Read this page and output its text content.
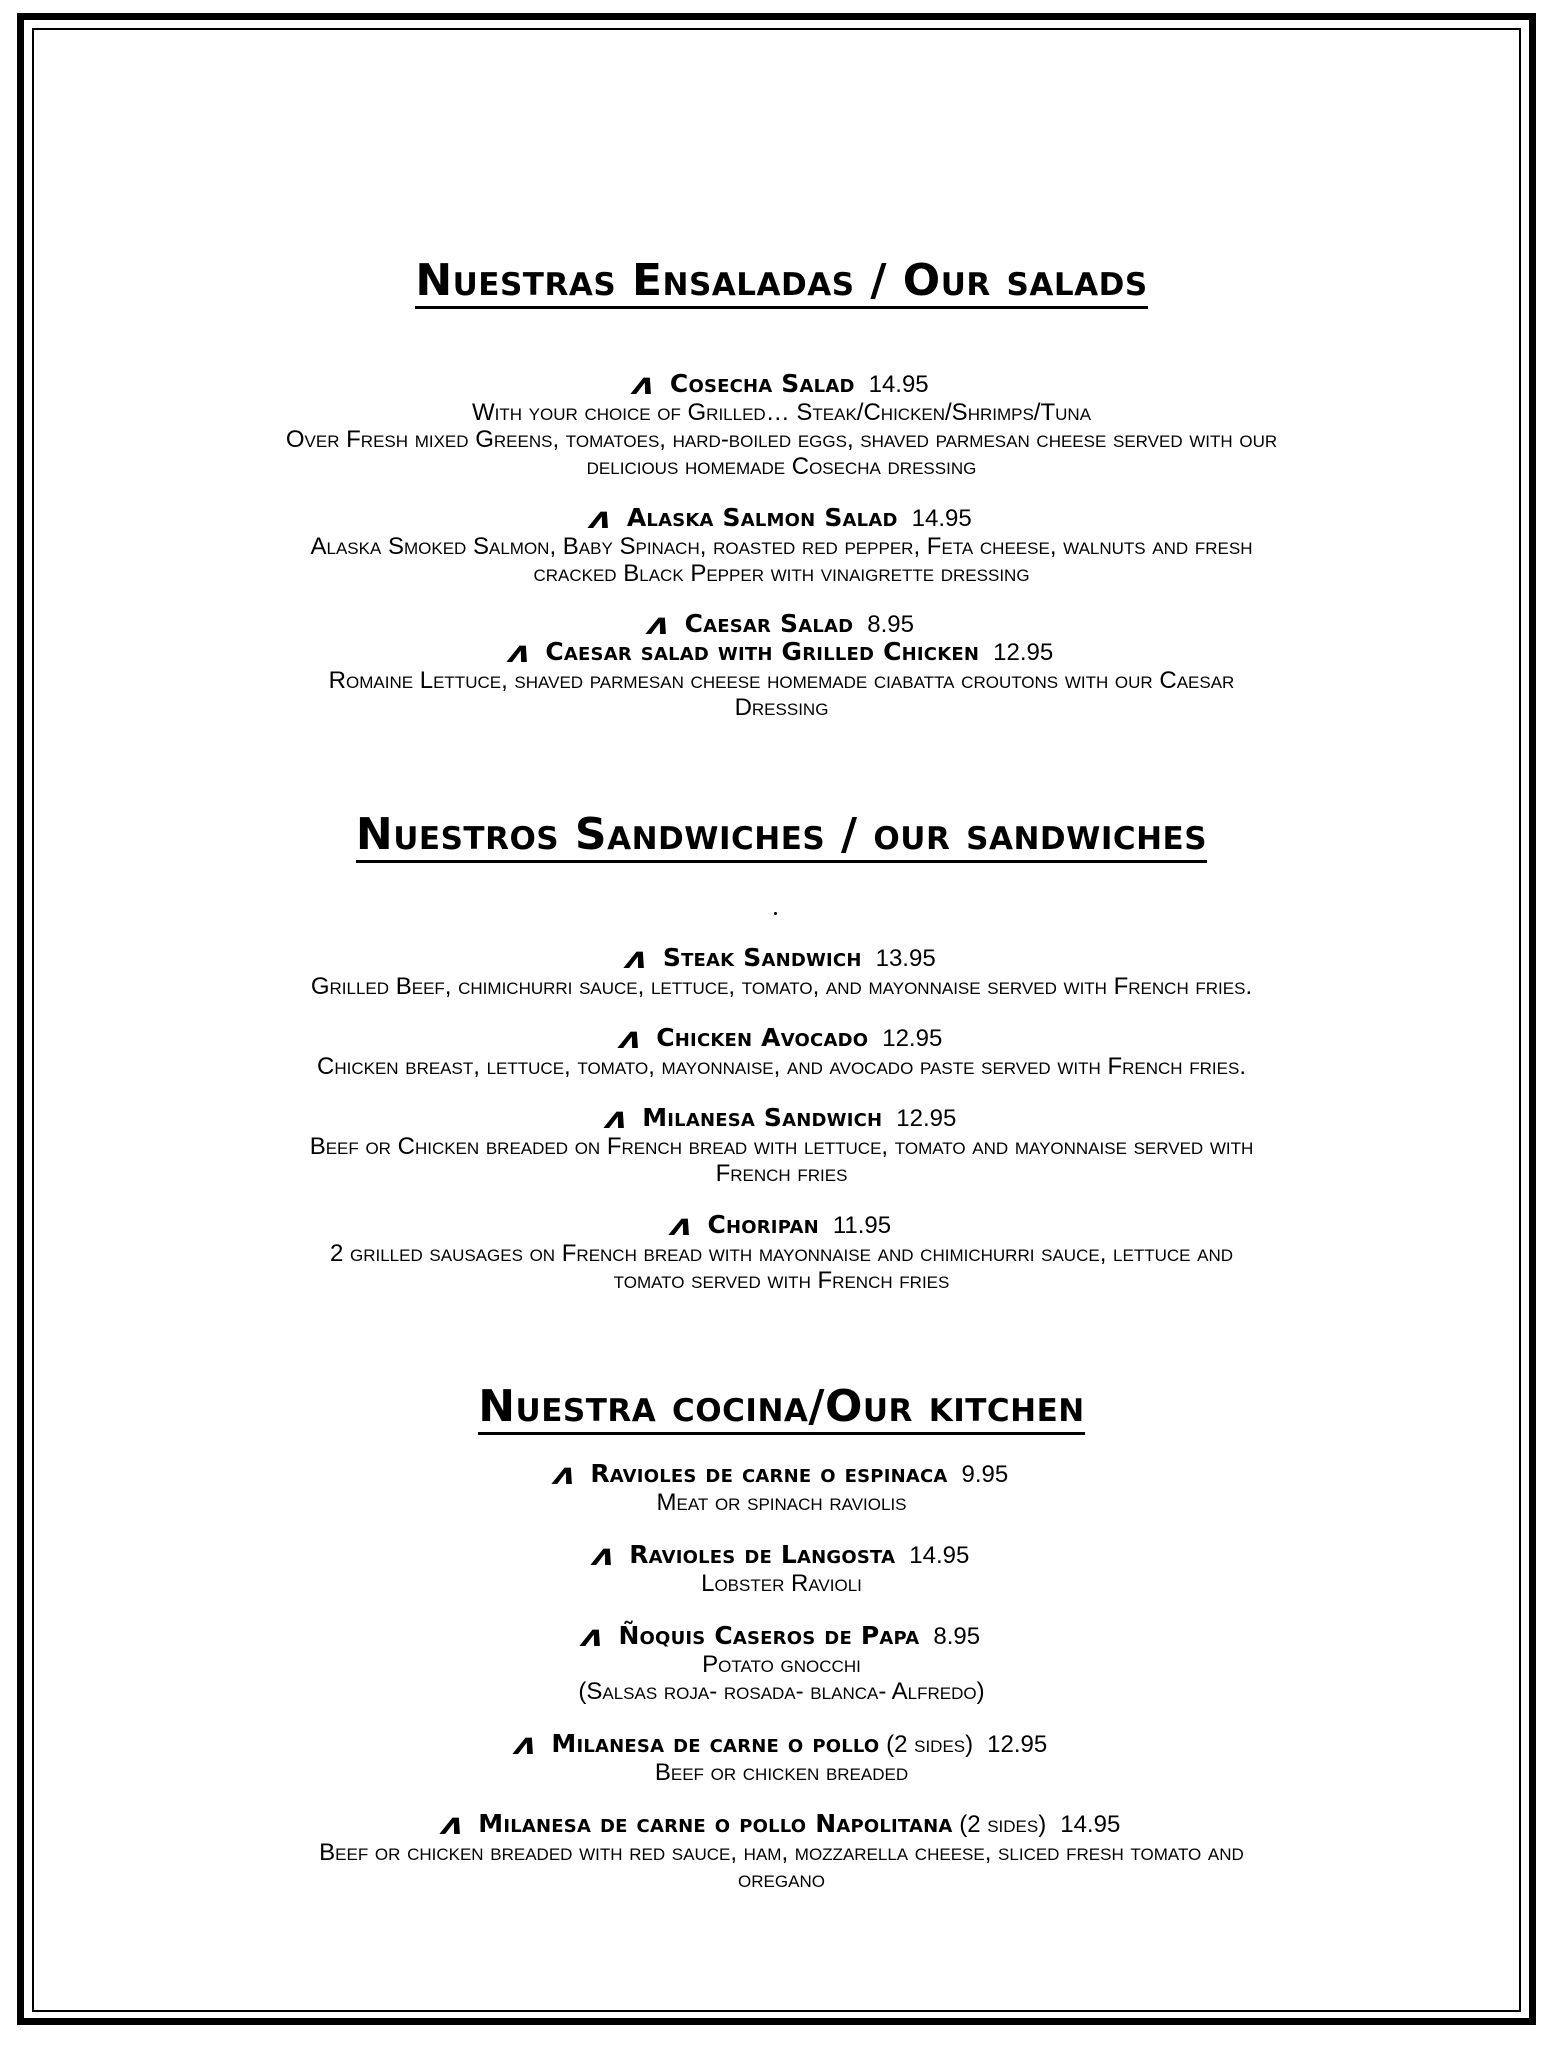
Nuestras Ensaladas / Our salads
ʌ Cosecha Salad 14.95
With your choice of Grilled… Steak/Chicken/Shrimps/Tuna
Over Fresh mixed Greens, tomatoes, hard-boiled eggs, shaved parmesan cheese served with our
delicious homemade Cosecha dressing
ʌ Alaska Salmon Salad 14.95
Alaska Smoked Salmon, Baby Spinach, roasted red pepper, Feta cheese, walnuts and fresh
cracked Black Pepper with vinaigrette dressing
ʌ Caesar Salad 8.95
ʌ Caesar salad with Grilled Chicken 12.95
Romaine Lettuce, shaved parmesan cheese homemade ciabatta croutons with our Caesar
Dressing
Nuestros Sandwiches / our sandwiches
ʌ Steak Sandwich 13.95
Grilled Beef, chimichurri sauce, lettuce, tomato, and mayonnaise served with French fries.
ʌ Chicken Avocado 12.95
Chicken breast, lettuce, tomato, mayonnaise, and avocado paste served with French fries.
ʌ Milanesa Sandwich 12.95
Beef or Chicken breaded on French bread with lettuce, tomato and mayonnaise served with
French fries
ʌ Choripan 11.95
2 grilled sausages on French bread with mayonnaise and chimichurri sauce, lettuce and
tomato served with French fries
Nuestra cocina/Our kitchen
ʌ Ravioles de carne o espinaca 9.95
Meat or spinach raviolis
ʌ Ravioles de Langosta 14.95
Lobster Ravioli
ʌ Ñoquis Caseros de Papa 8.95
Potato gnocchi
(Salsas roja- rosada- blanca- Alfredo)
ʌ Milanesa de carne o pollo (2 sides) 12.95
Beef or chicken breaded
ʌ Milanesa de carne o pollo Napolitana (2 sides) 14.95
Beef or chicken breaded with red sauce, ham, mozzarella cheese, sliced fresh tomato and
oregano
